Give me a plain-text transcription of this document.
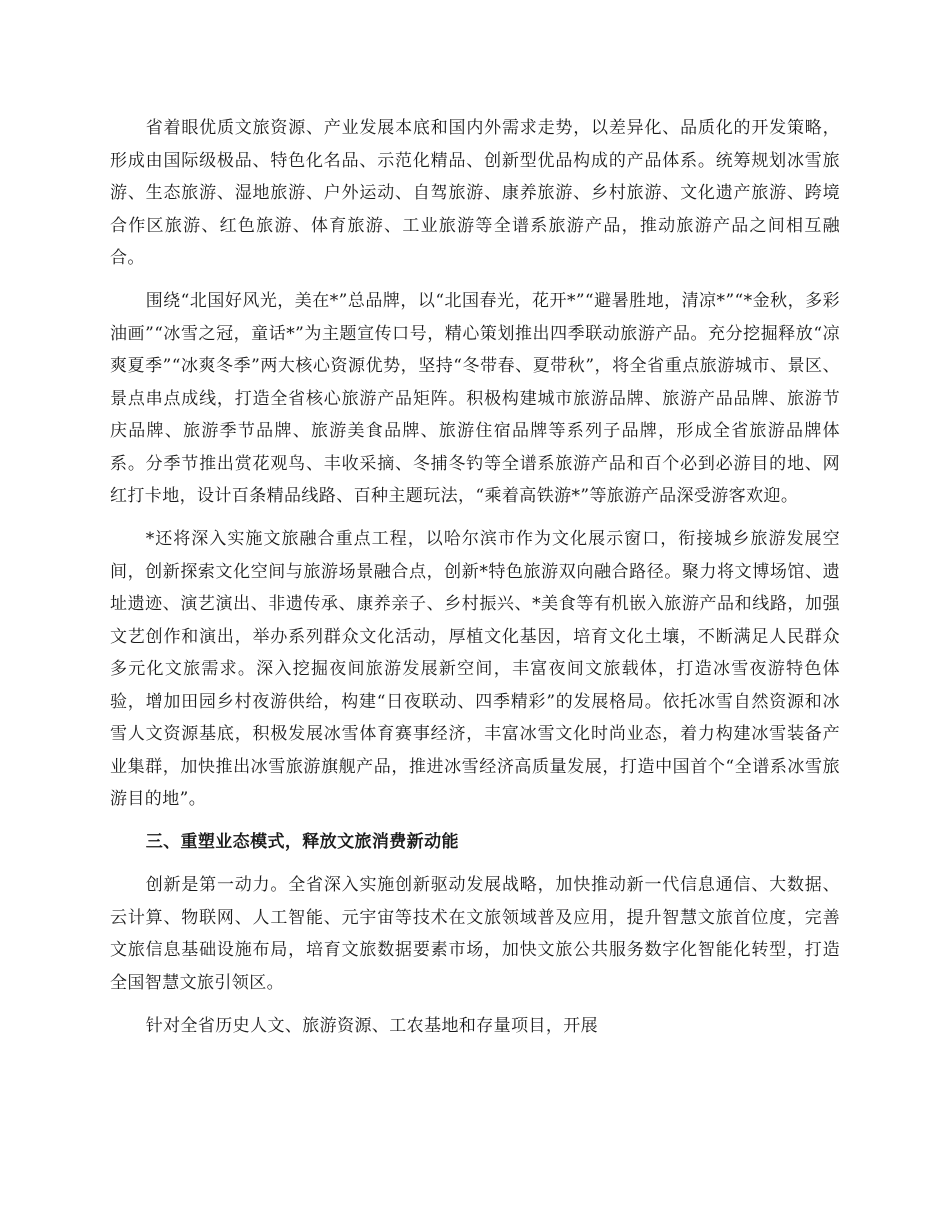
省着眼优质文旅资源、产业发展本底和国内外需求走势，以差异化、品质化的开发策略，形成由国际级极品、特色化名品、示范化精品、创新型优品构成的产品体系。统筹规划冰雪旅游、生态旅游、湿地旅游、户外运动、自驾旅游、康养旅游、乡村旅游、文化遗产旅游、跨境合作区旅游、红色旅游、体育旅游、工业旅游等全谱系旅游产品，推动旅游产品之间相互融合。

围绕“北国好风光，美在*”总品牌，以“北国春光，花开*”“避暑胜地，清凉*”“*金秋，多彩油画”“冰雪之冠，童话*”为主题宣传口号，精心策划推出四季联动旅游产品。充分挖掘释放“凉爽夏季”“冰爽冬季”两大核心资源优势，坚持“冬带春、夏带秋”，将全省重点旅游城市、景区、景点串点成线，打造全省核心旅游产品矩阵。积极构建城市旅游品牌、旅游产品品牌、旅游节庆品牌、旅游季节品牌、旅游美食品牌、旅游住宿品牌等系列子品牌，形成全省旅游品牌体系。分季节推出赏花观鸟、丰收采摘、冬捕冬钓等全谱系旅游产品和百个必到必游目的地、网红打卡地，设计百条精品线路、百种主题玩法，“乘着高铁游*”等旅游产品深受游客欢迎。

*还将深入实施文旅融合重点工程，以哈尔滨市作为文化展示窗口，衔接城乡旅游发展空间，创新探索文化空间与旅游场景融合点，创新*特色旅游双向融合路径。聚力将文博场馆、遗址遗迹、演艺演出、非遗传承、康养亲子、乡村振兴、*美食等有机嵌入旅游产品和线路，加强文艺创作和演出，举办系列群众文化活动，厚植文化基因，培育文化土壤，不断满足人民群众多元化文旅需求。深入挖掘夜间旅游发展新空间，丰富夜间文旅载体，打造冰雪夜游特色体验，增加田园乡村夜游供给，构建“日夜联动、四季精彩”的发展格局。依托冰雪自然资源和冰雪人文资源基底，积极发展冰雪体育赛事经济，丰富冰雪文化时尚业态，着力构建冰雪装备产业集群，加快推出冰雪旅游旗舰产品，推进冰雪经济高质量发展，打造中国首个“全谱系冰雪旅游目的地”。

三、重塑业态模式，释放文旅消费新动能

创新是第一动力。全省深入实施创新驱动发展战略，加快推动新一代信息通信、大数据、云计算、物联网、人工智能、元宇宙等技术在文旅领域普及应用，提升智慧文旅首位度，完善文旅信息基础设施布局，培育文旅数据要素市场，加快文旅公共服务数字化智能化转型，打造全国智慧文旅引领区。

针对全省历史人文、旅游资源、工农基地和存量项目，开展
